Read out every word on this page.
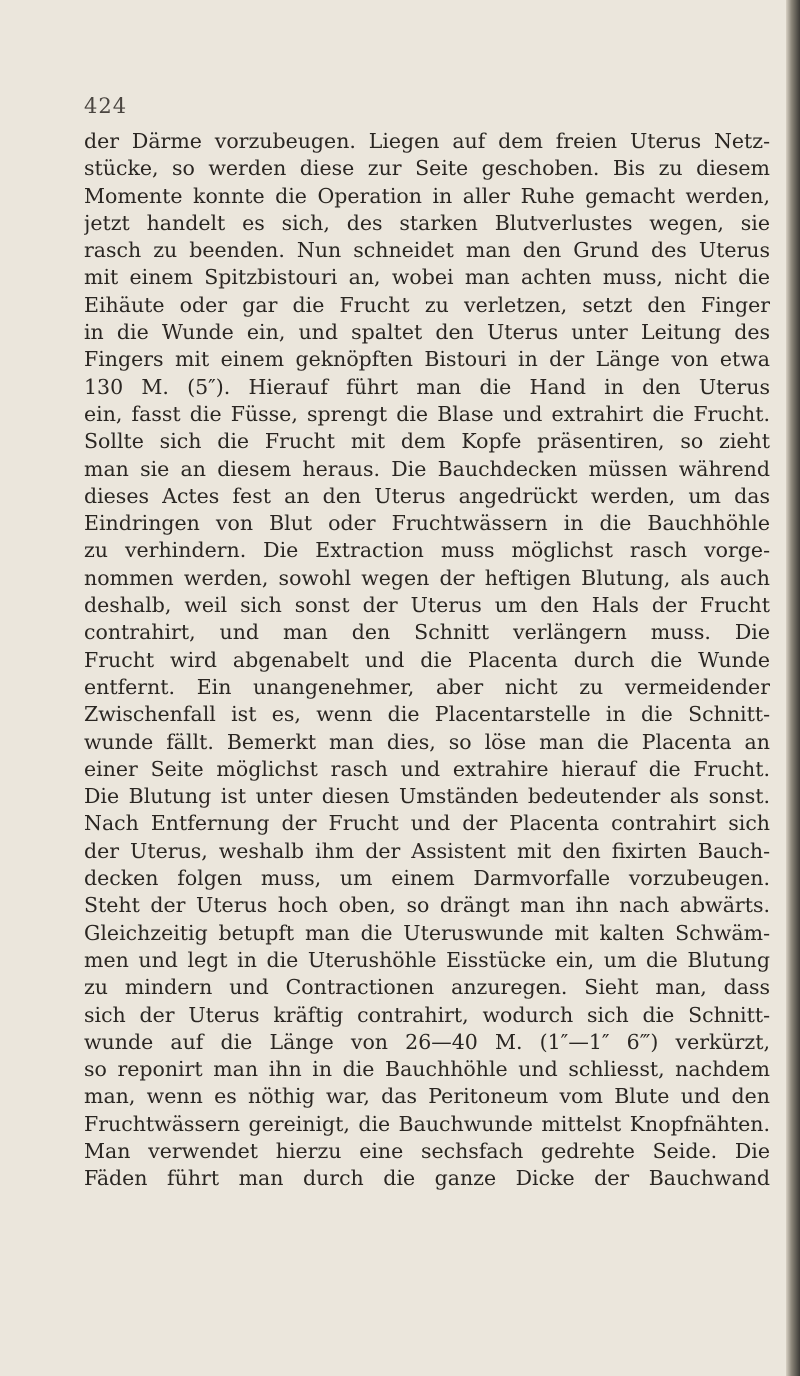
424
der Därme vorzubeugen. Liegen auf dem freien Uterus Netz-
stücke, so werden diese zur Seite geschoben. Bis zu diesem
Momente konnte die Operation in aller Ruhe gemacht werden,
jetzt handelt es sich, des starken Blutverlustes wegen, sie
rasch zu beenden. Nun schneidet man den Grund des Uterus
mit einem Spitzbistouri an, wobei man achten muss, nicht die
Eihäute oder gar die Frucht zu verletzen, setzt den Finger
in die Wunde ein, und spaltet den Uterus unter Leitung des
Fingers mit einem geknöpften Bistouri in der Länge von etwa
130 M. (5″). Hierauf führt man die Hand in den Uterus
ein, fasst die Füsse, sprengt die Blase und extrahirt die Frucht.
Sollte sich die Frucht mit dem Kopfe präsentiren, so zieht
man sie an diesem heraus. Die Bauchdecken müssen während
dieses Actes fest an den Uterus angedrückt werden, um das
Eindringen von Blut oder Fruchtwässern in die Bauchhöhle
zu verhindern. Die Extraction muss möglichst rasch vorge-
nommen werden, sowohl wegen der heftigen Blutung, als auch
deshalb, weil sich sonst der Uterus um den Hals der Frucht
contrahirt, und man den Schnitt verlängern muss. Die
Frucht wird abgenabelt und die Placenta durch die Wunde
entfernt. Ein unangenehmer, aber nicht zu vermeidender
Zwischenfall ist es, wenn die Placentarstelle in die Schnitt-
wunde fällt. Bemerkt man dies, so löse man die Placenta an
einer Seite möglichst rasch und extrahire hierauf die Frucht.
Die Blutung ist unter diesen Umständen bedeutender als sonst.
Nach Entfernung der Frucht und der Placenta contrahirt sich
der Uterus, weshalb ihm der Assistent mit den fixirten Bauch-
decken folgen muss, um einem Darmvorfalle vorzubeugen.
Steht der Uterus hoch oben, so drängt man ihn nach abwärts.
Gleichzeitig betupft man die Uteruswunde mit kalten Schwäm-
men und legt in die Uterushöhle Eisstücke ein, um die Blutung
zu mindern und Contractionen anzuregen. Sieht man, dass
sich der Uterus kräftig contrahirt, wodurch sich die Schnitt-
wunde auf die Länge von 26—40 M. (1″—1″ 6‴) verkürzt,
so reponirt man ihn in die Bauchhöhle und schliesst, nachdem
man, wenn es nöthig war, das Peritoneum vom Blute und den
Fruchtwässern gereinigt, die Bauchwunde mittelst Knopfnähten.
Man verwendet hierzu eine sechsfach gedrehte Seide. Die
Fäden führt man durch die ganze Dicke der Bauchwand
